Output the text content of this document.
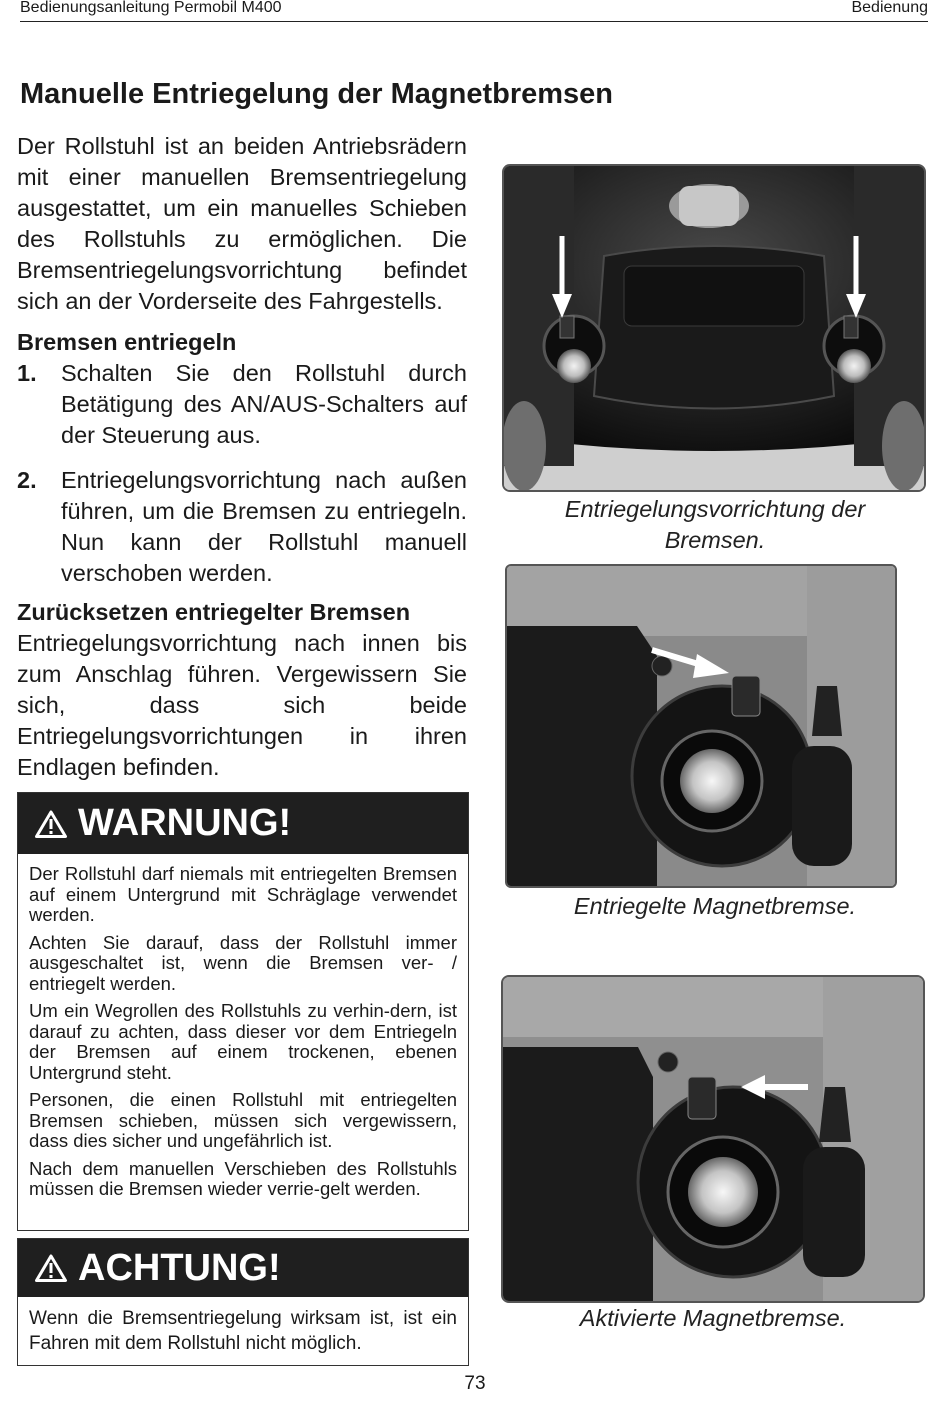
Bedienungsanleitung Permobil M400	Bedienung
Manuelle Entriegelung der Magnetbremsen

Der Rollstuhl ist an beiden Antriebsrädern mit einer manuellen Bremsentriegelung ausgestattet, um ein manuelles Schieben des Rollstuhls zu ermöglichen. Die Bremsentriegelungsvorrichtung befindet sich an der Vorderseite des Fahrgestells.

Bremsen entriegeln
1.	Schalten Sie den Rollstuhl durch Betätigung des AN/AUS-Schalters auf der Steuerung aus.
2.	Entriegelungsvorrichtung nach außen führen, um die Bremsen zu entriegeln. Nun kann der Rollstuhl manuell verschoben werden.
Zurücksetzen entriegelter Bremsen

Entriegelungsvorrichtung nach innen bis zum Anschlag führen. Vergewissern Sie sich, dass sich beide Entriegelungsvorrichtungen in ihren Endlagen befinden.

WARNUNG!

Der Rollstuhl darf niemals mit entriegelten Bremsen auf einem Untergrund mit Schräglage verwendet werden.

Achten Sie darauf, dass der Rollstuhl immer ausgeschaltet ist, wenn die Bremsen ver- / entriegelt werden.

Um ein Wegrollen des Rollstuhls zu verhin-dern, ist darauf zu achten, dass dieser vor dem Entriegeln der Bremsen auf einem trockenen, ebenen Untergrund steht.

Personen, die einen Rollstuhl mit entriegelten Bremsen schieben, müssen sich vergewissern, dass dies sicher und ungefährlich ist.

Nach dem manuellen Verschieben des Rollstuhls müssen die Bremsen wieder verrie-gelt werden.

ACHTUNG!

Wenn die Bremsentriegelung wirksam ist, ist ein Fahren mit dem Rollstuhl nicht möglich.

Entriegelungsvorrichtung der Bremsen.
Entriegelte Magnetbremse.
Aktivierte Magnetbremse.
73
